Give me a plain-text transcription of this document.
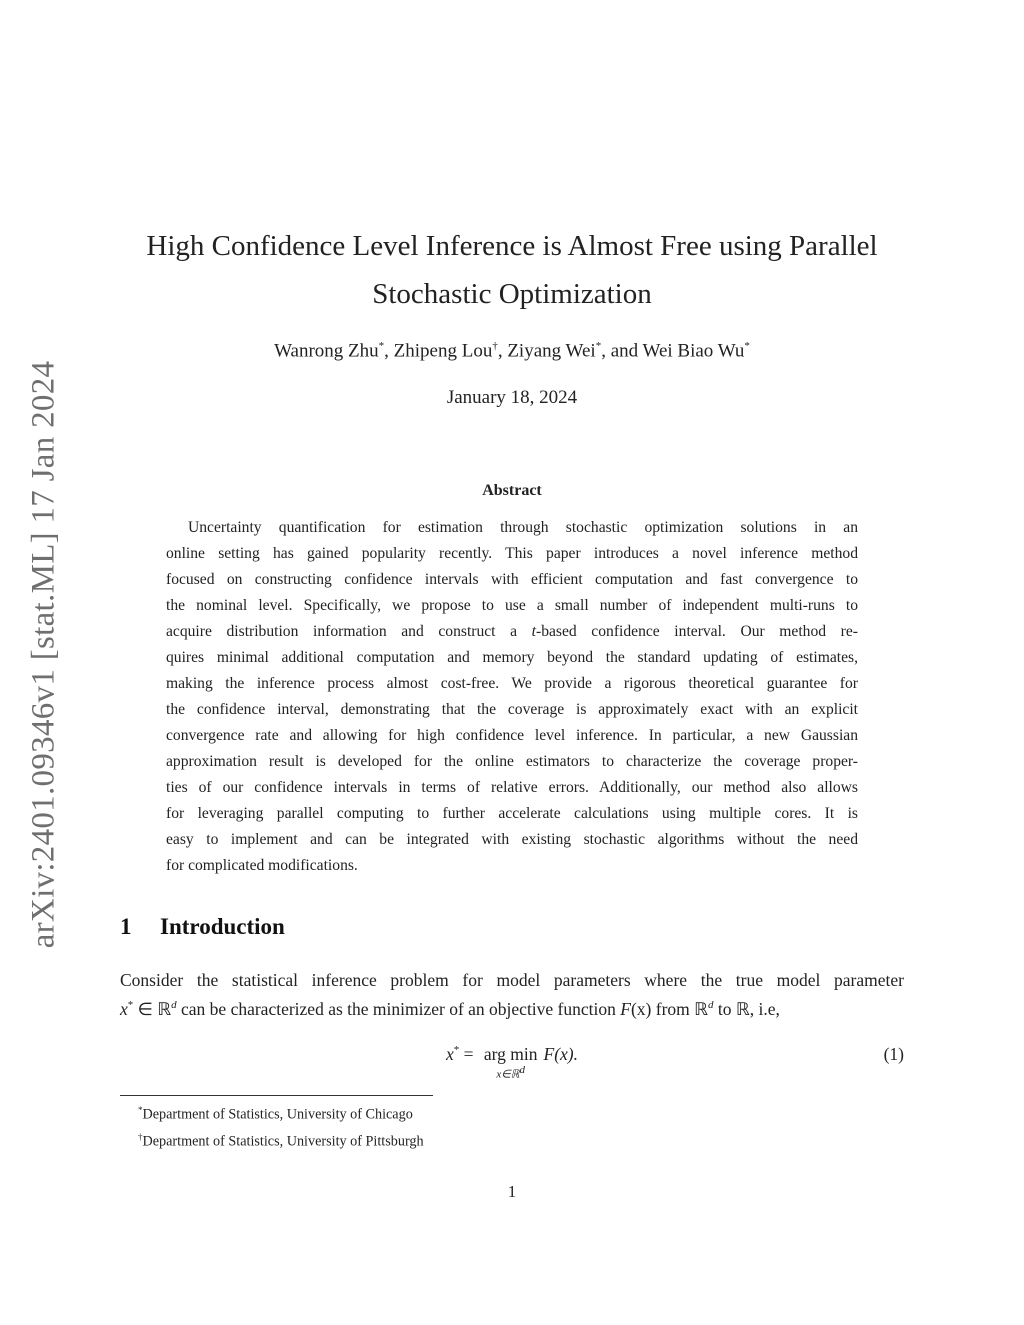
arXiv:2401.09346v1 [stat.ML] 17 Jan 2024
High Confidence Level Inference is Almost Free using Parallel
Stochastic Optimization
Wanrong Zhu*, Zhipeng Lou†, Ziyang Wei*, and Wei Biao Wu*
January 18, 2024
Abstract
Uncertainty quantification for estimation through stochastic optimization solutions in an
online setting has gained popularity recently. This paper introduces a novel inference method
focused on constructing confidence intervals with efficient computation and fast convergence to
the nominal level. Specifically, we propose to use a small number of independent multi-runs to
acquire distribution information and construct a t-based confidence interval. Our method re-
quires minimal additional computation and memory beyond the standard updating of estimates,
making the inference process almost cost-free. We provide a rigorous theoretical guarantee for
the confidence interval, demonstrating that the coverage is approximately exact with an explicit
convergence rate and allowing for high confidence level inference. In particular, a new Gaussian
approximation result is developed for the online estimators to characterize the coverage proper-
ties of our confidence intervals in terms of relative errors. Additionally, our method also allows
for leveraging parallel computing to further accelerate calculations using multiple cores. It is
easy to implement and can be integrated with existing stochastic algorithms without the need
for complicated modifications.
1 Introduction
Consider the statistical inference problem for model parameters where the true model parameter
x* ∈ ℝ$^d$ can be characterized as the minimizer of an objective function F(x) from ℝ$^d$ to ℝ, i.e,
x* = arg min
x∈ℝ$^d$
F(x).	(1)
*Department of Statistics, University of Chicago
†Department of Statistics, University of Pittsburgh
1
